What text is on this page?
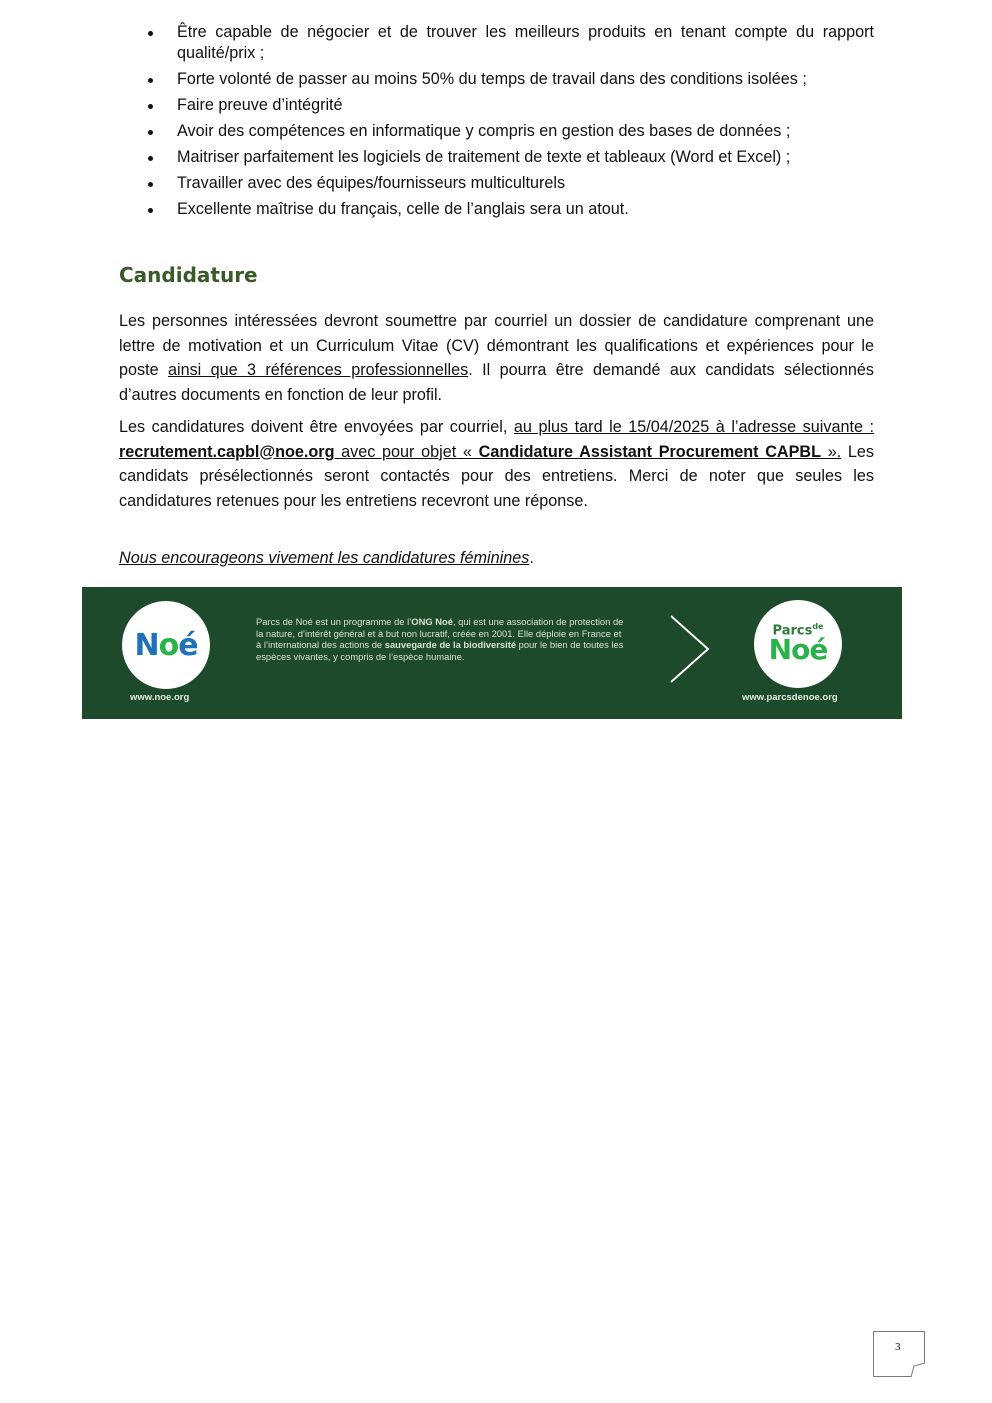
Être capable de négocier et de trouver les meilleurs produits en tenant compte du rapport qualité/prix ;
Forte volonté de passer au moins 50% du temps de travail dans des conditions isolées ;
Faire preuve d’intégrité
Avoir des compétences en informatique y compris en gestion des bases de données ;
Maitriser parfaitement les logiciels de traitement de texte et tableaux (Word et Excel) ;
Travailler avec des équipes/fournisseurs multiculturels
Excellente maîtrise du français, celle de l’anglais sera un atout.
Candidature

Les personnes intéressées devront soumettre par courriel un dossier de candidature comprenant une lettre de motivation et un Curriculum Vitae (CV) démontrant les qualifications et expériences pour le poste ainsi que 3 références professionnelles. Il pourra être demandé aux candidats sélectionnés d’autres documents en fonction de leur profil.

Les candidatures doivent être envoyées par courriel, au plus tard le 15/04/2025 à l’adresse suivante : recrutement.capbl@noe.org avec pour objet « Candidature Assistant Procurement CAPBL ». Les candidats présélectionnés seront contactés pour des entretiens. Merci de noter que seules les candidatures retenues pour les entretiens recevront une réponse.

Nous encourageons vivement les candidatures féminines.

Noé
www.noe.org
Parcs de Noé est un programme de l’ONG Noé, qui est une association de protection de la nature, d’intérêt général et à but non lucratif, créée en 2001. Elle déploie en France et à l’international des actions de sauvegarde de la biodiversité pour le bien de toutes les espèces vivantes, y compris de l’espèce humaine.
Parcs$^{de}$
Noé
www.parcsdenoe.org
3
